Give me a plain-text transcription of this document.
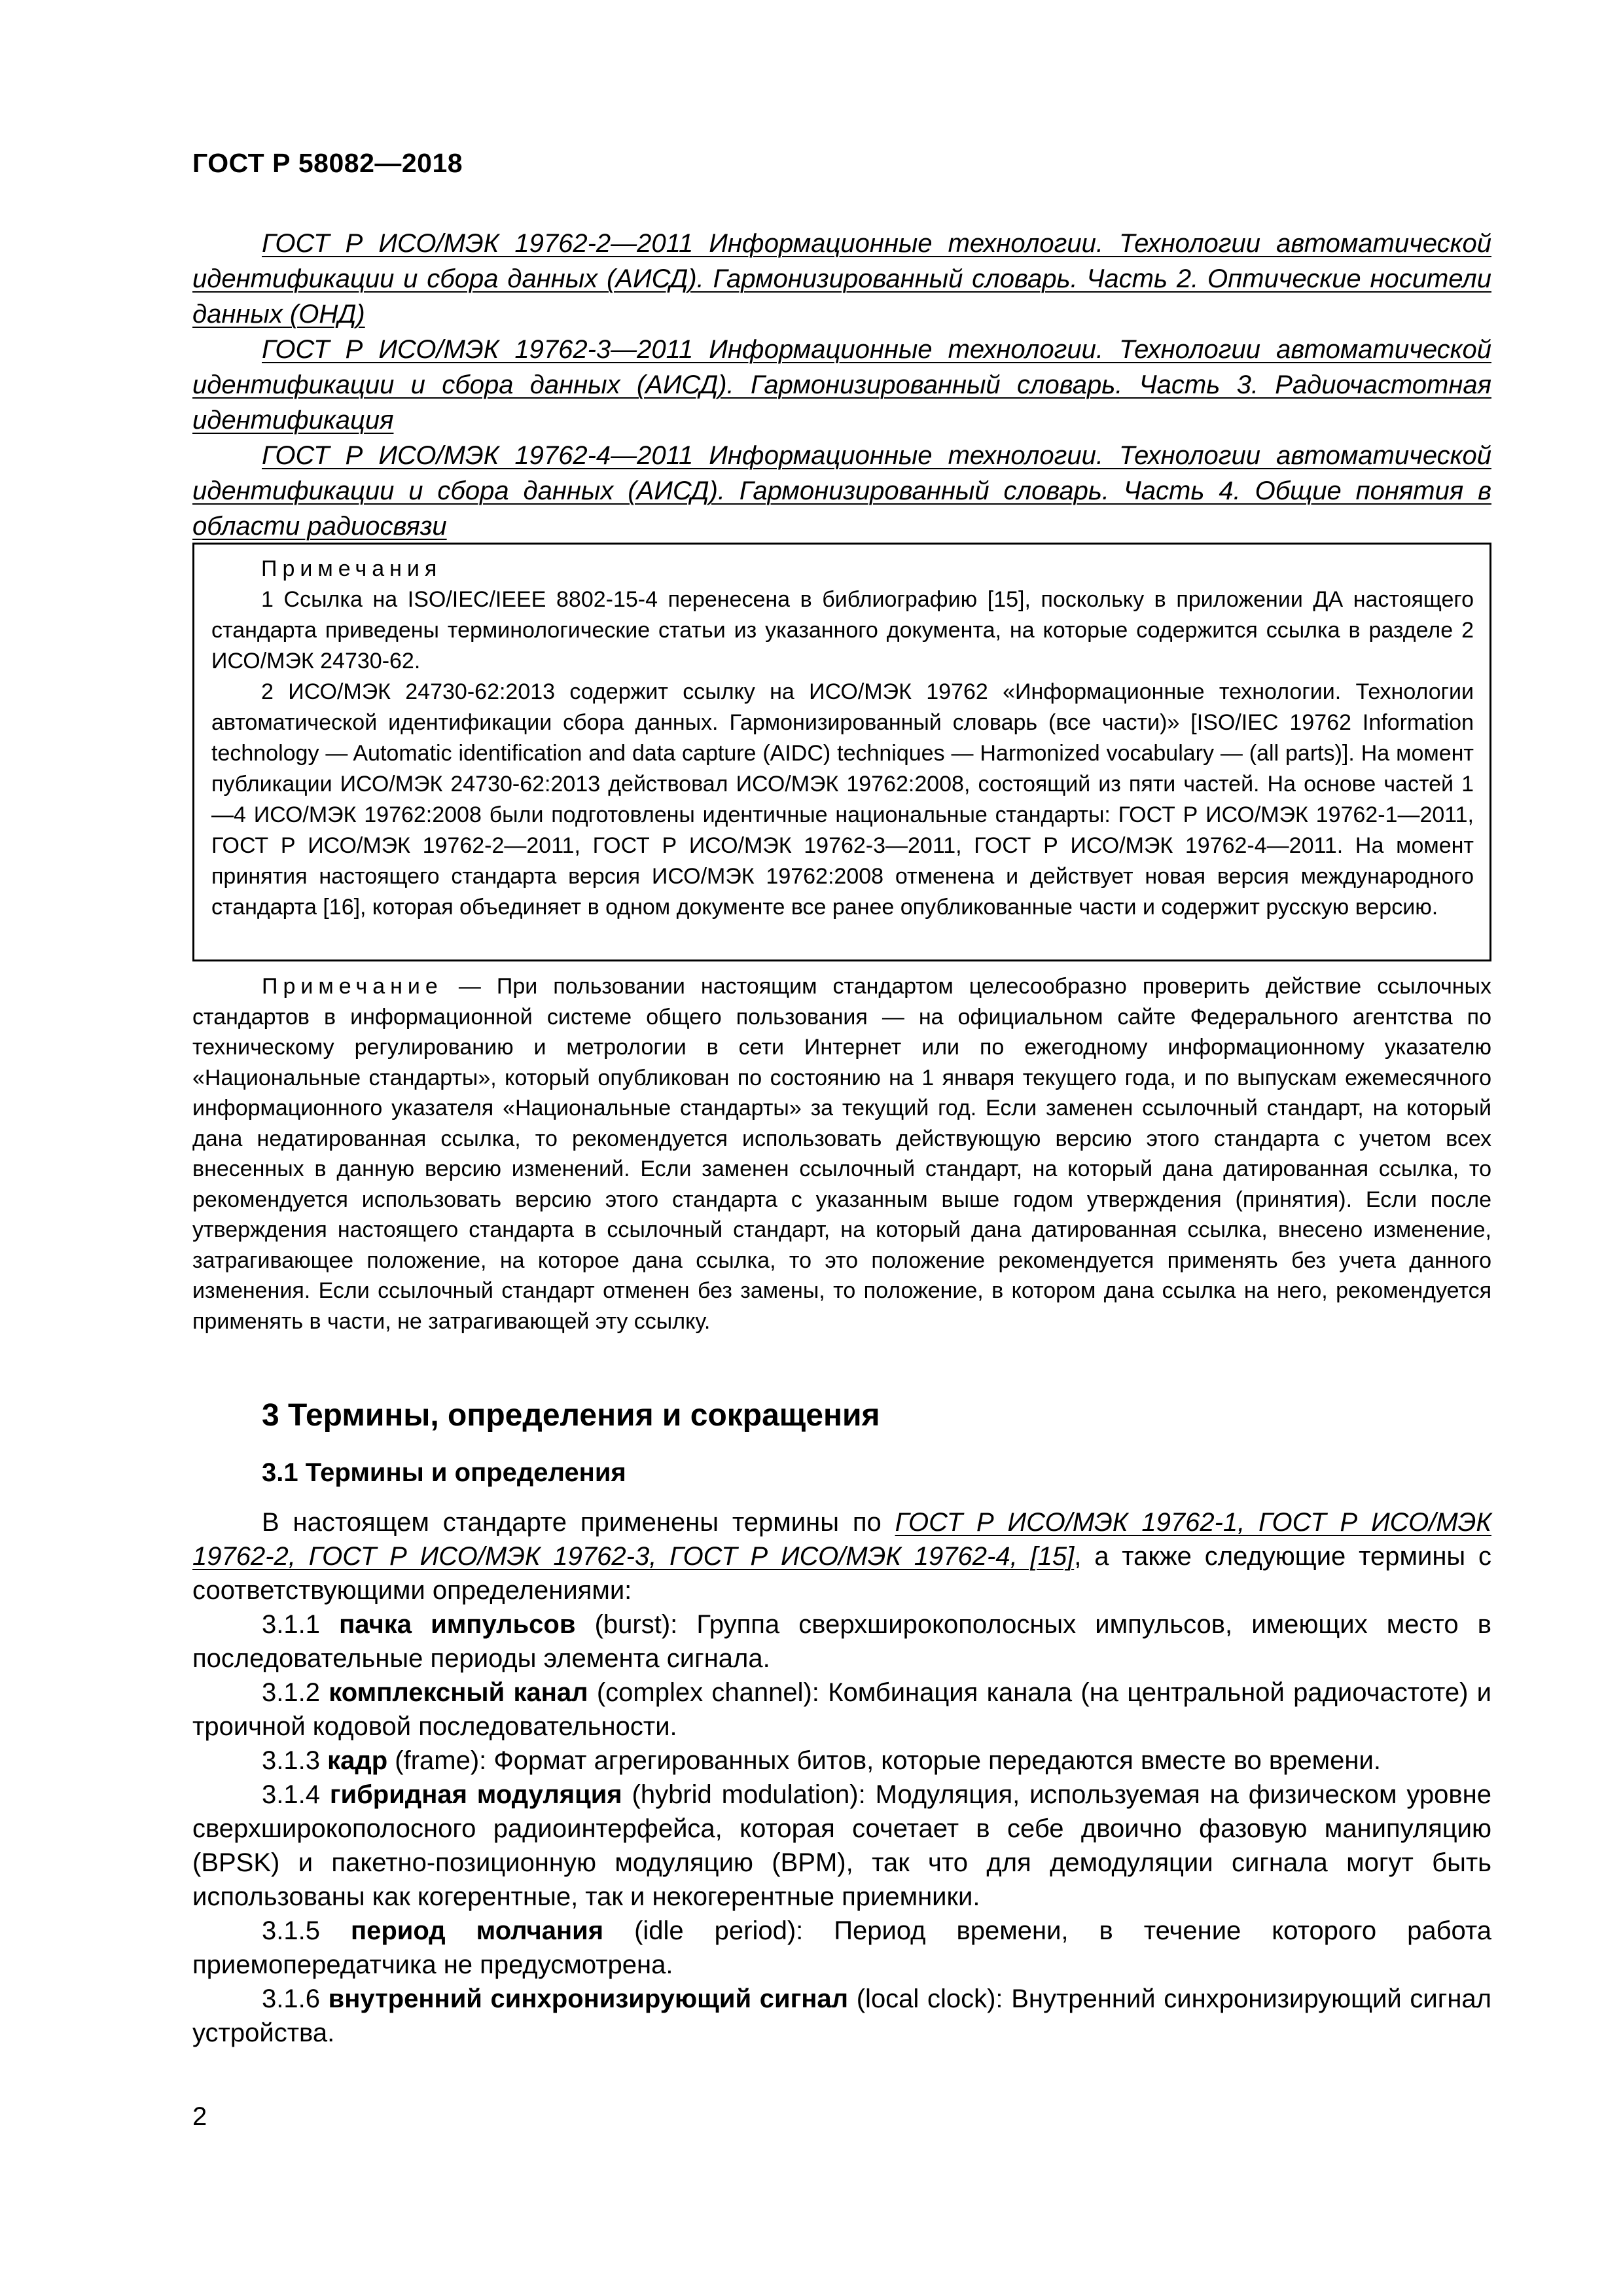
ГОСТ Р 58082—2018

ГОСТ Р ИСО/МЭК 19762-2—2011 Информационные технологии. Технологии автоматической идентификации и сбора данных (АИСД). Гармонизированный словарь. Часть 2. Оптические носители данных (ОНД)

ГОСТ Р ИСО/МЭК 19762-3—2011 Информационные технологии. Технологии автоматической идентификации и сбора данных (АИСД). Гармонизированный словарь. Часть 3. Радиочастотная идентификация

ГОСТ Р ИСО/МЭК 19762-4—2011 Информационные технологии. Технологии автоматической идентификации и сбора данных (АИСД). Гармонизированный словарь. Часть 4. Общие понятия в области радиосвязи

Примечания

1 Ссылка на ISO/IEC/IEEE 8802-15-4 перенесена в библиографию [15], поскольку в приложении ДА настоящего стандарта приведены терминологические статьи из указанного документа, на которые содержится ссылка в разделе 2 ИСО/МЭК 24730-62.

2 ИСО/МЭК 24730-62:2013 содержит ссылку на ИСО/МЭК 19762 «Информационные технологии. Технологии автоматической идентификации сбора данных. Гармонизированный словарь (все части)» [ISO/IEC 19762 Information technology — Automatic identification and data capture (AIDC) techniques — Harmonized vocabulary — (all parts)]. На момент публикации ИСО/МЭК 24730-62:2013 действовал ИСО/МЭК 19762:2008, состоящий из пяти частей. На основе частей 1—4 ИСО/МЭК 19762:2008 были подготовлены идентичные национальные стандарты: ГОСТ Р ИСО/МЭК 19762-1—2011, ГОСТ Р ИСО/МЭК 19762-2—2011, ГОСТ Р ИСО/МЭК 19762-3—2011, ГОСТ Р ИСО/МЭК 19762-4—2011. На момент принятия настоящего стандарта версия ИСО/МЭК 19762:2008 отменена и действует новая версия международного стандарта [16], которая объединяет в одном документе все ранее опубликованные части и содержит русскую версию.

Примечание — При пользовании настоящим стандартом целесообразно проверить действие ссылочных стандартов в информационной системе общего пользования — на официальном сайте Федерального агентства по техническому регулированию и метрологии в сети Интернет или по ежегодному информационному указателю «Национальные стандарты», который опубликован по состоянию на 1 января текущего года, и по выпускам ежемесячного информационного указателя «Национальные стандарты» за текущий год. Если заменен ссылочный стандарт, на который дана недатированная ссылка, то рекомендуется использовать действующую версию этого стандарта с учетом всех внесенных в данную версию изменений. Если заменен ссылочный стандарт, на который дана датированная ссылка, то рекомендуется использовать версию этого стандарта с указанным выше годом утверждения (принятия). Если после утверждения настоящего стандарта в ссылочный стандарт, на который дана датированная ссылка, внесено изменение, затрагивающее положение, на которое дана ссылка, то это положение рекомендуется применять без учета данного изменения. Если ссылочный стандарт отменен без замены, то положение, в котором дана ссылка на него, рекомендуется применять в части, не затрагивающей эту ссылку.

3 Термины, определения и сокращения
3.1 Термины и определения

В настоящем стандарте применены термины по ГОСТ Р ИСО/МЭК 19762-1, ГОСТ Р ИСО/МЭК 19762-2, ГОСТ Р ИСО/МЭК 19762-3, ГОСТ Р ИСО/МЭК 19762-4, [15], а также следующие термины с соответствующими определениями:

3.1.1 пачка импульсов (burst): Группа сверхширокополосных импульсов, имеющих место в последовательные периоды элемента сигнала.

3.1.2 комплексный канал (complex channel): Комбинация канала (на центральной радиочастоте) и троичной кодовой последовательности.

3.1.3 кадр (frame): Формат агрегированных битов, которые передаются вместе во времени.

3.1.4 гибридная модуляция (hybrid modulation): Модуляция, используемая на физическом уровне сверхширокополосного радиоинтерфейса, которая сочетает в себе двоично фазовую манипуляцию (BPSK) и пакетно-позиционную модуляцию (BPM), так что для демодуляции сигнала могут быть использованы как когерентные, так и некогерентные приемники.

3.1.5 период молчания (idle period): Период времени, в течение которого работа приемопередатчика не предусмотрена.

3.1.6 внутренний синхронизирующий сигнал (local clock): Внутренний синхронизирующий сигнал устройства.

2
